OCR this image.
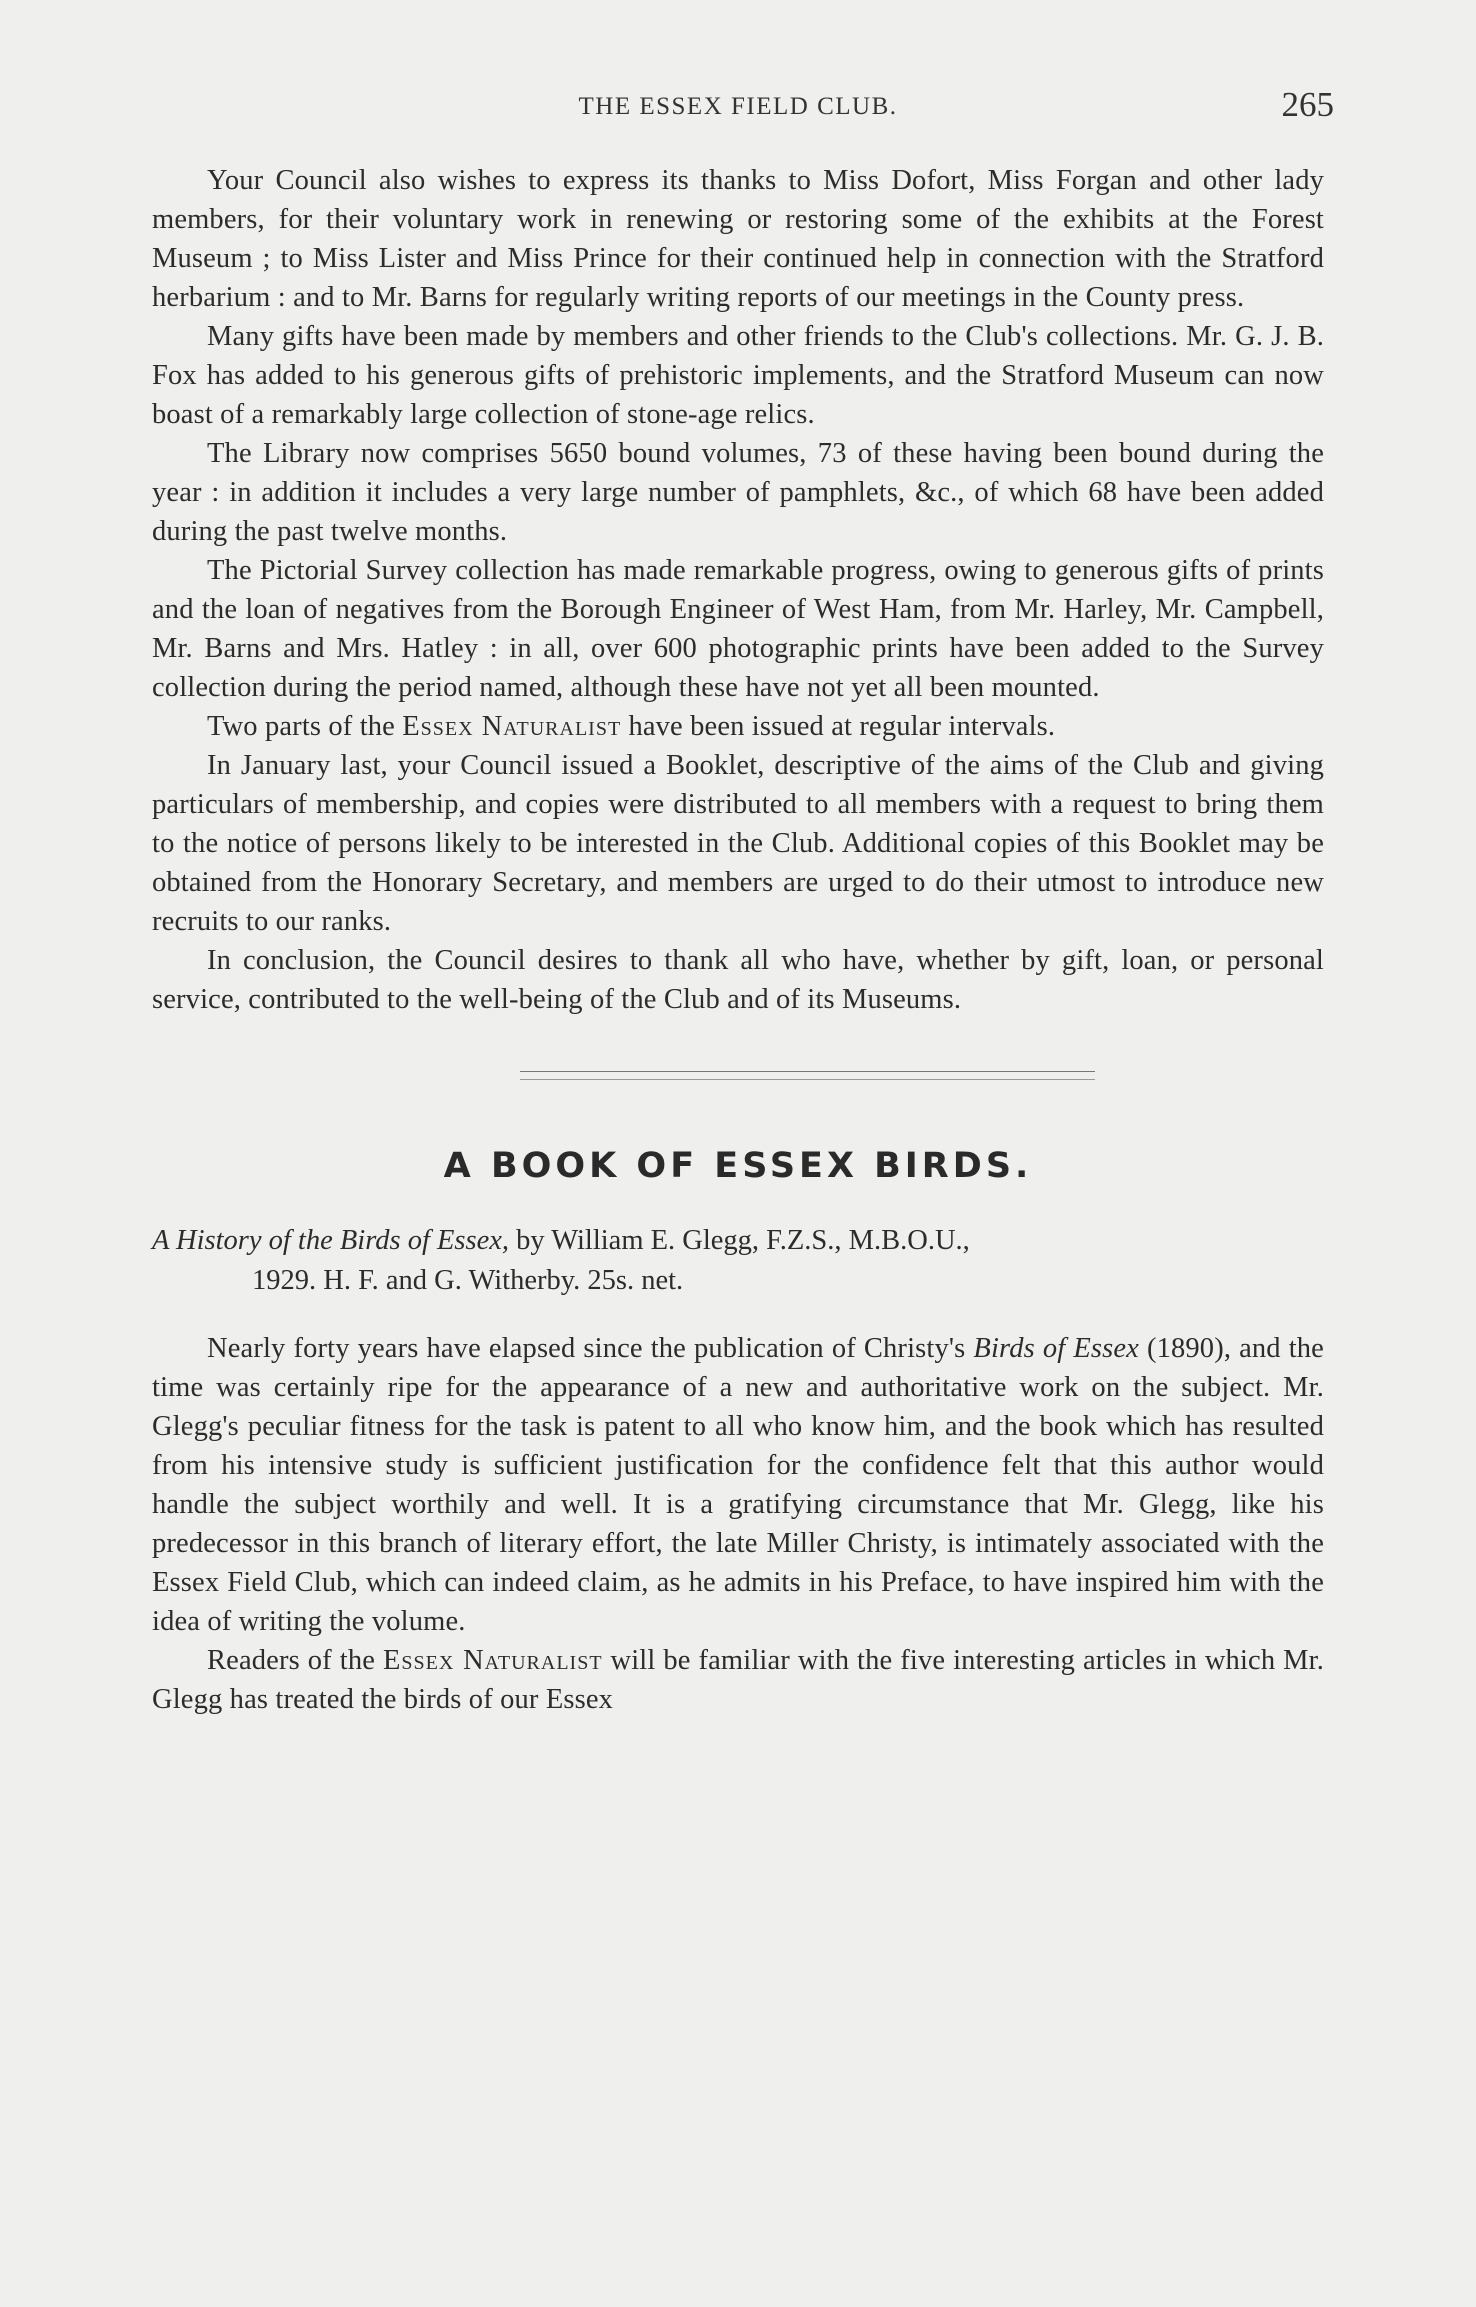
THE ESSEX FIELD CLUB.	265

Your Council also wishes to express its thanks to Miss Dofort, Miss Forgan and other lady members, for their voluntary work in renewing or restoring some of the exhibits at the Forest Museum ; to Miss Lister and Miss Prince for their continued help in connection with the Stratford herbarium : and to Mr. Barns for regularly writing reports of our meetings in the County press.

Many gifts have been made by members and other friends to the Club's collections. Mr. G. J. B. Fox has added to his generous gifts of prehistoric implements, and the Stratford Museum can now boast of a remarkably large collection of stone-age relics.

The Library now comprises 5650 bound volumes, 73 of these having been bound during the year : in addition it includes a very large number of pamphlets, &c., of which 68 have been added during the past twelve months.

The Pictorial Survey collection has made remarkable progress, owing to generous gifts of prints and the loan of negatives from the Borough Engineer of West Ham, from Mr. Harley, Mr. Campbell, Mr. Barns and Mrs. Hatley : in all, over 600 photographic prints have been added to the Survey collection during the period named, although these have not yet all been mounted.

Two parts of the Essex Naturalist have been issued at regular intervals.

In January last, your Council issued a Booklet, descriptive of the aims of the Club and giving particulars of membership, and copies were distributed to all members with a request to bring them to the notice of persons likely to be interested in the Club. Additional copies of this Booklet may be obtained from the Honorary Secretary, and members are urged to do their utmost to introduce new recruits to our ranks.

In conclusion, the Council desires to thank all who have, whether by gift, loan, or personal service, contributed to the well-being of the Club and of its Museums.

A BOOK OF ESSEX BIRDS.
A History of the Birds of Essex, by William E. Glegg, F.Z.S., M.B.O.U.,
1929. H. F. and G. Witherby. 25s. net.

Nearly forty years have elapsed since the publication of Christy's Birds of Essex (1890), and the time was certainly ripe for the appearance of a new and authoritative work on the subject. Mr. Glegg's peculiar fitness for the task is patent to all who know him, and the book which has resulted from his intensive study is sufficient justification for the confidence felt that this author would handle the subject worthily and well. It is a gratifying circumstance that Mr. Glegg, like his predecessor in this branch of literary effort, the late Miller Christy, is intimately associated with the Essex Field Club, which can indeed claim, as he admits in his Preface, to have inspired him with the idea of writing the volume.

Readers of the Essex Naturalist will be familiar with the five interesting articles in which Mr. Glegg has treated the birds of our Essex
